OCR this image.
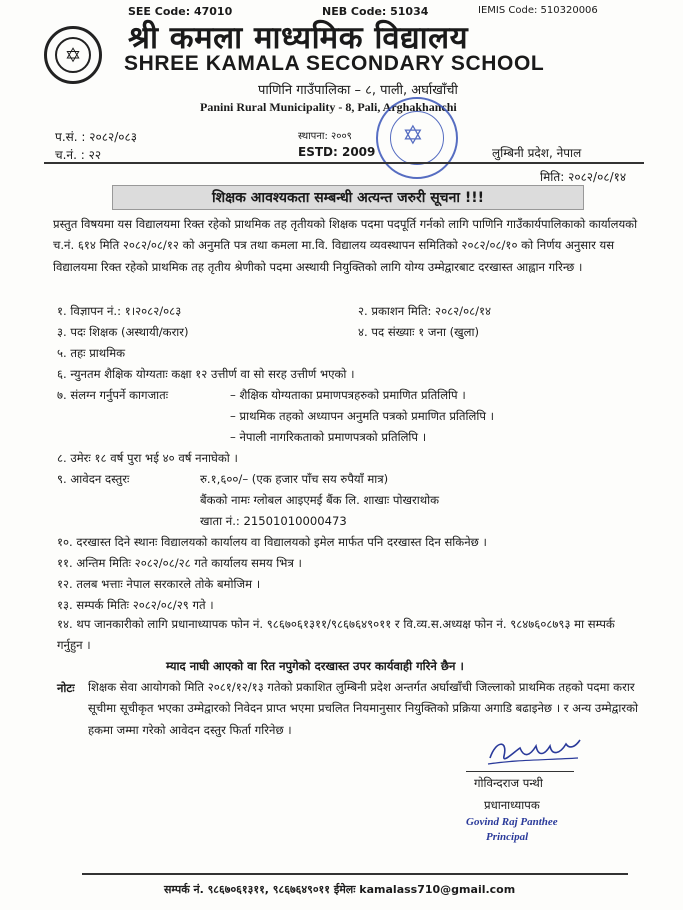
SEE Code: 47010	NEB Code: 51034	IEMIS Code: 510320006
✡	श्री कमला माध्यमिक विद्यालय
SHREE KAMALA SECONDARY SCHOOL
पाणिनि गाउँपालिका – ८, पाली, अर्घाखाँची
Panini Rural Municipality - 8, Pali, Arghakhanchi
प.सं. : २०८२/०८३
च.नं. : २२
स्थापना: २००९
ESTD: 2009	लुम्बिनी प्रदेश, नेपाल
✡
मिति: २०८२/०८/१४
शिक्षक आवश्यकता सम्बन्धी अत्यन्त जरुरी सूचना !!!
प्रस्तुत विषयमा यस विद्यालयमा रिक्त रहेको प्राथमिक तह तृतीयको शिक्षक पदमा पदपूर्ति गर्नको लागि पाणिनि गाउँकार्यपालिकाको कार्यालयको च.नं. ६१४ मिति २०८२/०८/१२ को अनुमति पत्र तथा कमला मा.वि. विद्यालय व्यवस्थापन समितिको २०८२/०८/१० को निर्णय अनुसार यस विद्यालयमा रिक्त रहेको प्राथमिक तह तृतीय श्रेणीको पदमा अस्थायी नियुक्तिको लागि योग्य उम्मेद्वारबाट दरखास्त आह्वान गरिन्छ ।
१. विज्ञापन नं.: १।२०८२/०८३	२. प्रकाशन मिति: २०८२/०८/१४
३. पदः शिक्षक (अस्थायी/करार)	४. पद संख्याः १ जना (खुला)
५. तहः प्राथमिक
६. न्युनतम शैक्षिक योग्यताः कक्षा १२ उत्तीर्ण वा सो सरह उत्तीर्ण भएको ।
७. संलग्न गर्नुपर्ने कागजातः	– शैक्षिक योग्यताका प्रमाणपत्रहरुको प्रमाणित प्रतिलिपि ।
– प्राथमिक तहको अध्यापन अनुमति पत्रको प्रमाणित प्रतिलिपि ।
– नेपाली नागरिकताको प्रमाणपत्रको प्रतिलिपि ।
८. उमेरः १८ वर्ष पुरा भई ४० वर्ष ननाघेको ।
९. आवेदन दस्तुरः	रु.१,६००/– (एक हजार पाँच सय रुपैयाँ मात्र)
बैंकको नामः ग्लोबल आइएमई बैंक लि. शाखाः पोखराथोक
खाता नं.: 21501010000473
१०. दरखास्त दिने स्थानः विद्यालयको कार्यालय वा विद्यालयको इमेल मार्फत पनि दरखास्त दिन सकिनेछ ।
११. अन्तिम मितिः २०८२/०८/२८ गते कार्यालय समय भित्र ।
१२. तलब भत्ताः नेपाल सरकारले तोके बमोजिम ।
१३. सम्पर्क मितिः २०८२/०८/२९ गते ।
१४. थप जानकारीको लागि प्रधानाध्यापक फोन नं. ९८६७०६१३११/९८६७६४९०११ र वि.व्य.स.अध्यक्ष फोन नं. ९८४७६०८७९३ मा सम्पर्क गर्नुहुन ।
म्याद नाघी आएको वा रित नपुगेको दरखास्त उपर कार्यवाही गरिने छैन ।
नोटः शिक्षक सेवा आयोगको मिति २०८१/१२/१३ गतेको प्रकाशित लुम्बिनी प्रदेश अन्तर्गत अर्घाखाँची जिल्लाको प्राथमिक तहको पदमा करार सूचीमा सूचीकृत भएका उम्मेद्वारको निवेदन प्राप्त भएमा प्रचलित नियमानुसार नियुक्तिको प्रक्रिया अगाडि बढाइनेछ । र अन्य उम्मेद्वारको हकमा जम्मा गरेको आवेदन दस्तुर फिर्ता गरिनेछ ।
गोविन्दराज पन्थी
प्रधानाध्यापक
Govind Raj Panthee
Principal
सम्पर्क नं. ९८६७०६१३११, ९८६७६४९०११ ईमेलः kamalass710@gmail.com
